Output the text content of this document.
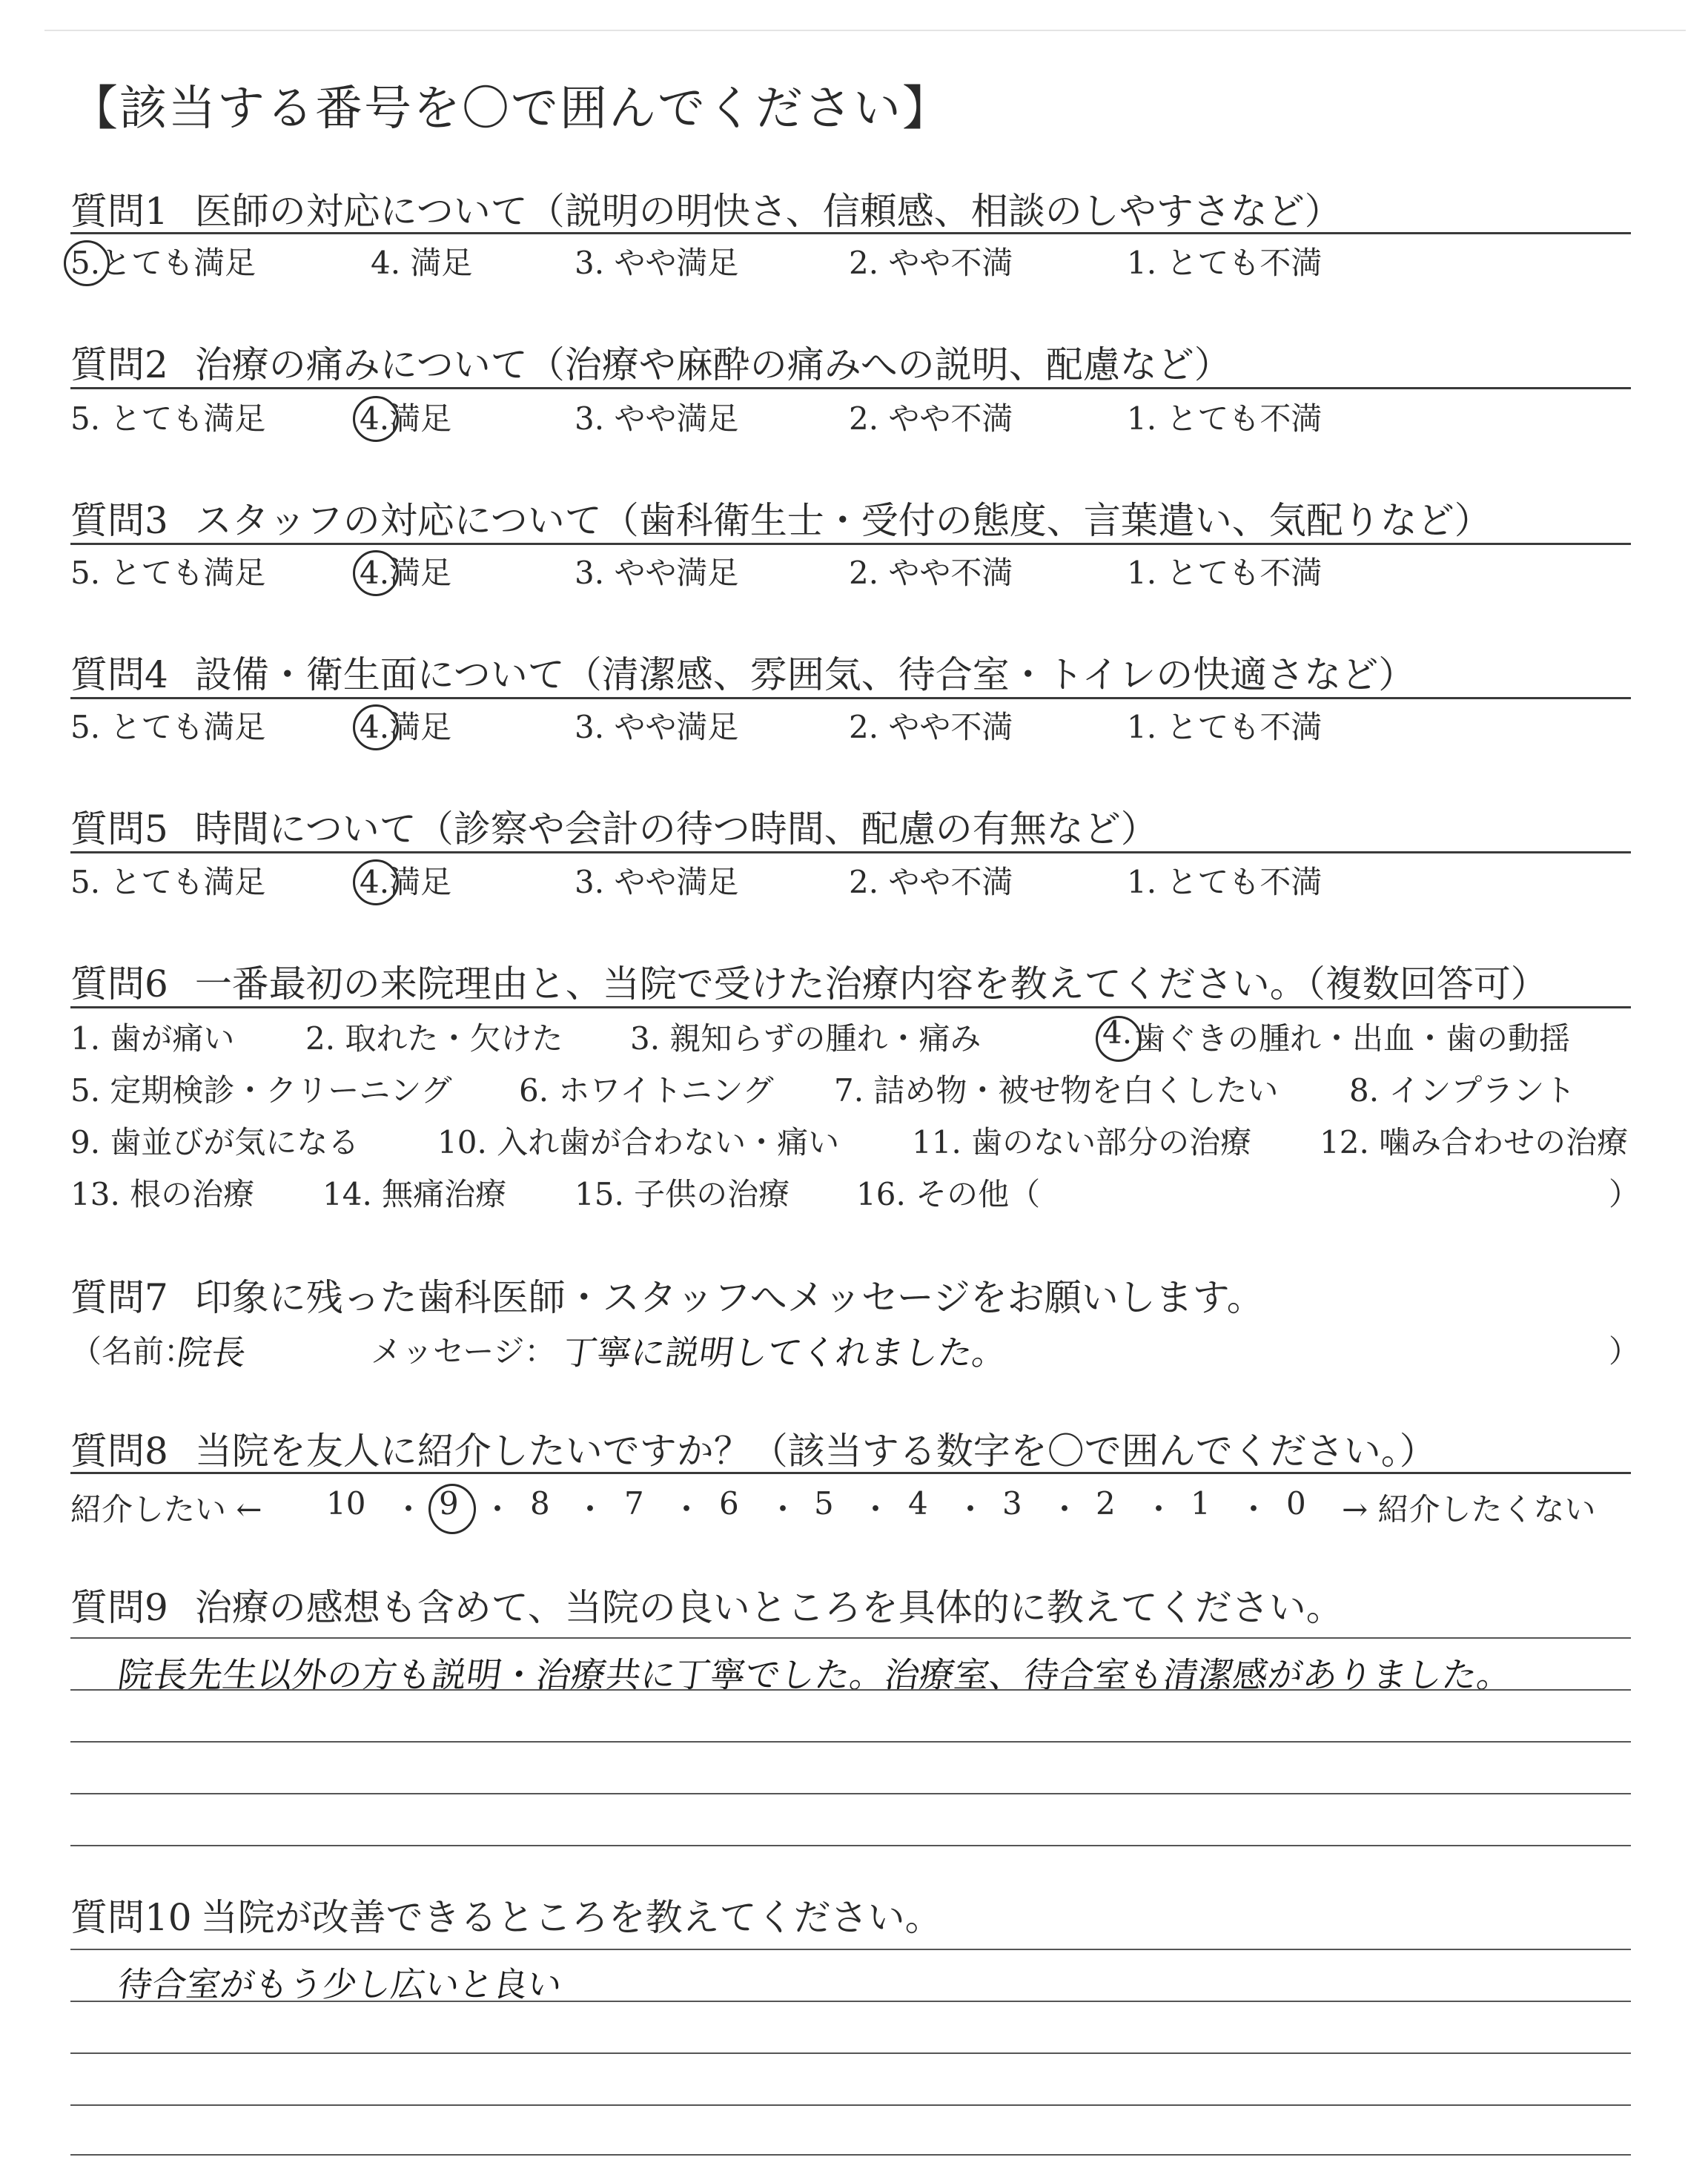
【該当する番号を〇で囲んでください】
質問1 医師の対応について（説明の明快さ、信頼感、相談のしやすさなど）
5.とても満足	4. 満足	3. やや満足	2. やや不満	1. とても不満
質問2 治療の痛みについて（治療や麻酔の痛みへの説明、配慮など）
5. とても満足	4.満足	3. やや満足	2. やや不満	1. とても不満
質問3 スタッフの対応について（歯科衛生士・受付の態度、言葉遣い、気配りなど）
5. とても満足	4.満足	3. やや満足	2. やや不満	1. とても不満
質問4 設備・衛生面について（清潔感、雰囲気、待合室・トイレの快適さなど）
5. とても満足	4.満足	3. やや満足	2. やや不満	1. とても不満
質問5 時間について（診察や会計の待つ時間、配慮の有無など）
5. とても満足	4.満足	3. やや満足	2. やや不満	1. とても不満
質問6 一番最初の来院理由と、当院で受けた治療内容を教えてください。（複数回答可）
1. 歯が痛い 2. 取れた・欠けた 3. 親知らずの腫れ・痛み	4. 歯ぐきの腫れ・出血・歯の動揺
5. 定期検診・クリーニング 6. ホワイトニング 7. 詰め物・被せ物を白くしたい 8. インプラント
9. 歯並びが気になる	10. 入れ歯が合わない・痛い 11. 歯のない部分の治療 12. 噛み合わせの治療
13. 根の治療 14. 無痛治療 15. 子供の治療 16. その他（	）
質問7 印象に残った歯科医師・スタッフへメッセージをお願いします。
（名前：
院長	メッセージ： 丁寧に説明してくれました。	）
質問8 当院を友人に紹介したいですか？（該当する数字を〇で囲んでください。）
紹介したい ← 10 ・ 9 ・ 8 ・ 7 ・ 6 ・ 5 ・ 4 ・ 3 ・ 2 ・ 1 ・ 0 → 紹介したくない
質問9 治療の感想も含めて、当院の良いところを具体的に教えてください。
院長先生以外の方も説明・治療共に丁寧でした。治療室、待合室も清潔感がありました。
質問10 当院が改善できるところを教えてください。
待合室がもう少し広いと良い
